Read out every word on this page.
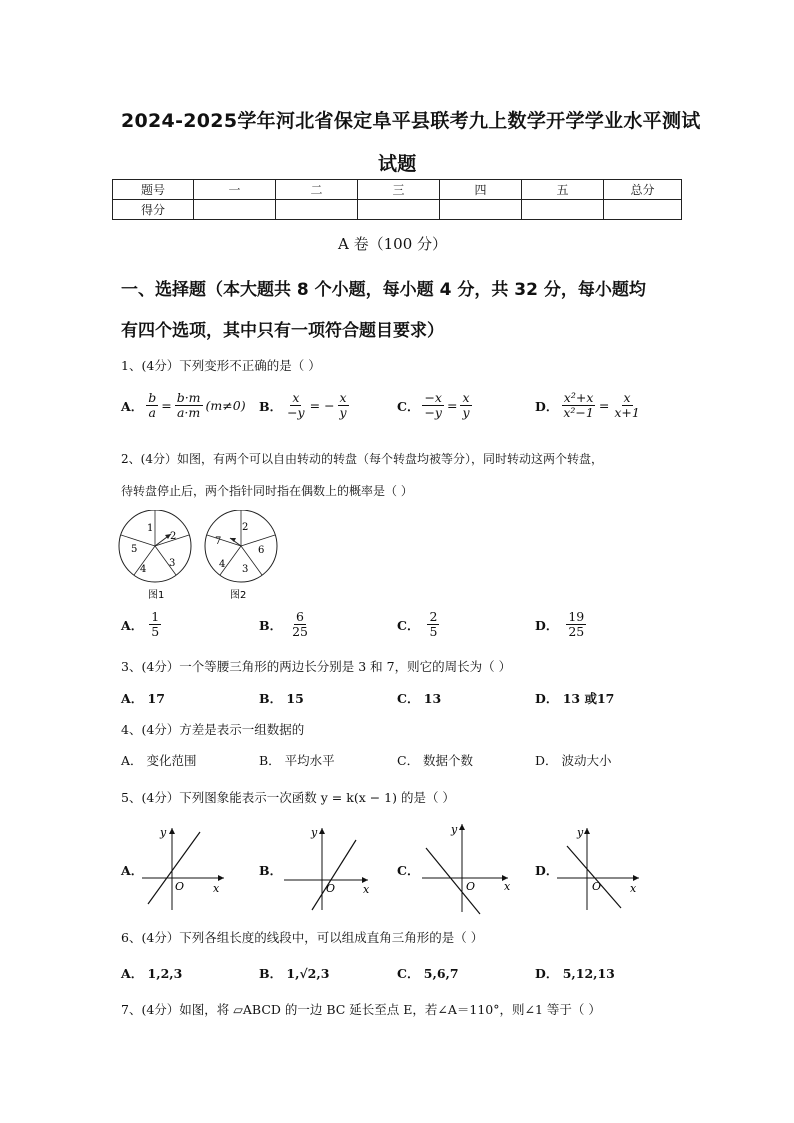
2024-2025学年河北省保定阜平县联考九上数学开学学业水平测试
试题
题号	一	二	三	四	五	总分
得分						
A 卷（100 分）
一、选择题（本大题共 8 个小题，每小题 4 分，共 32 分，每小题均
有四个选项，其中只有一项符合题目要求）
1、(4分）下列变形不正确的是（ ）
A． $\frac{b}{a} = \frac{b\cdot m}{a\cdot m} (m\ne 0)$ B． $\frac{x}{-y}$ = − $\frac{x}{y}$	C． $\frac{-x}{-y} = \frac{x}{y}$	D． $\frac{\text{x²+x}}{\text{x²−1}} = \frac{x}{x+1}$
2、(4分）如图，有两个可以自由转动的转盘（每个转盘均被等分），同时转动这两个转盘，
待转盘停止后，两个指针同时指在偶数上的概率是（ ）
1
2
3
4
5
图1
2
6
3
4
7
图2
A． $\frac{1}{5}$	B． $\frac{6}{25}$	C． $\frac{2}{5}$	D． $\frac{19}{25}$
3、(4分）一个等腰三角形的两边长分别是 3 和 7，则它的周长为（ ）
A． 17	B． 15	C． 13	D． 13 或17
4、(4分）方差是表示一组数据的
A． 变化范围	B． 平均水平	C． 数据个数	D． 波动大小
5、(4分）下列图象能表示一次函数 y = k(x − 1) 的是（ ）
A．
y
x
O
B．
y
x
O
C．
y
x
O
D．
y
x
O
6、(4分）下列各组长度的线段中，可以组成直角三角形的是（ ）
A． 1,2,3	B． 1,√2,3	C． 5,6,7	D． 5,12,13
7、(4分）如图，将 ▱ABCD 的一边 BC 延长至点 E，若∠A＝110°，则∠1 等于（ ）
